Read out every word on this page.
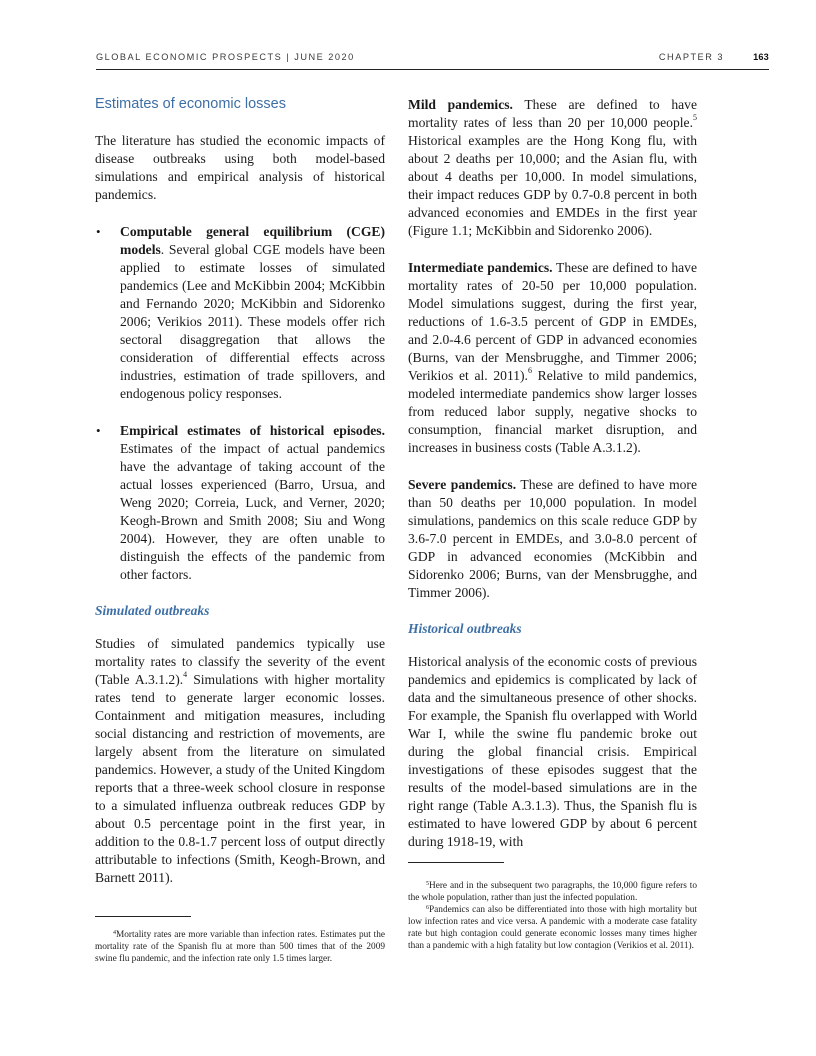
GLOBAL ECONOMIC PROSPECTS | JUNE 2020	CHAPTER 3	163
Estimates of economic losses

The literature has studied the economic impacts of disease outbreaks using both model-based simulations and empirical analysis of historical pandemics.

• Computable general equilibrium (CGE) models. Several global CGE models have been applied to estimate losses of simulated pandemics (Lee and McKibbin 2004; McKibbin and Fernando 2020; McKibbin and Sidorenko 2006; Verikios 2011). These models offer rich sectoral disaggregation that allows the consideration of differential effects across industries, estimation of trade spillovers, and endogenous policy responses.

• Empirical estimates of historical episodes. Estimates of the impact of actual pandemics have the advantage of taking account of the actual losses experienced (Barro, Ursua, and Weng 2020; Correia, Luck, and Verner, 2020; Keogh-Brown and Smith 2008; Siu and Wong 2004). However, they are often unable to distinguish the effects of the pandemic from other factors.

Simulated outbreaks

Studies of simulated pandemics typically use mortality rates to classify the severity of the event (Table A.3.1.2).$^4$ Simulations with higher mortality rates tend to generate larger economic losses. Containment and mitigation measures, including social distancing and restriction of movements, are largely absent from the literature on simulated pandemics. However, a study of the United Kingdom reports that a three-week school closure in response to a simulated influenza outbreak reduces GDP by about 0.5 percentage point in the first year, in addition to the 0.8-1.7 percent loss of output directly attributable to infections (Smith, Keogh-Brown, and Barnett 2011).

$^4$Mortality rates are more variable than infection rates. Estimates put the mortality rate of the Spanish flu at more than 500 times that of the 2009 swine flu pandemic, and the infection rate only 1.5 times larger.

Mild pandemics. These are defined to have mortality rates of less than 20 per 10,000 people.$^5$ Historical examples are the Hong Kong flu, with about 2 deaths per 10,000; and the Asian flu, with about 4 deaths per 10,000. In model simulations, their impact reduces GDP by 0.7-0.8 percent in both advanced economies and EMDEs in the first year (Figure 1.1; McKibbin and Sidorenko 2006).

Intermediate pandemics. These are defined to have mortality rates of 20-50 per 10,000 population. Model simulations suggest, during the first year, reductions of 1.6-3.5 percent of GDP in EMDEs, and 2.0-4.6 percent of GDP in advanced economies (Burns, van der Mensbrugghe, and Timmer 2006; Verikios et al. 2011).$^6$ Relative to mild pandemics, modeled intermediate pandemics show larger losses from reduced labor supply, negative shocks to consumption, financial market disruption, and increases in business costs (Table A.3.1.2).

Severe pandemics. These are defined to have more than 50 deaths per 10,000 population. In model simulations, pandemics on this scale reduce GDP by 3.6-7.0 percent in EMDEs, and 3.0-8.0 percent of GDP in advanced economies (McKibbin and Sidorenko 2006; Burns, van der Mensbrugghe, and Timmer 2006).

Historical outbreaks

Historical analysis of the economic costs of previous pandemics and epidemics is complicated by lack of data and the simultaneous presence of other shocks. For example, the Spanish flu overlapped with World War I, while the swine flu pandemic broke out during the global financial crisis. Empirical investigations of these episodes suggest that the results of the model-based simulations are in the right range (Table A.3.1.3). Thus, the Spanish flu is estimated to have lowered GDP by about 6 percent during 1918-19, with

$^5$Here and in the subsequent two paragraphs, the 10,000 figure refers to the whole population, rather than just the infected population.
$^6$Pandemics can also be differentiated into those with high mortality but low infection rates and vice versa. A pandemic with a moderate case fatality rate but high contagion could generate economic losses many times higher than a pandemic with a high fatality but low contagion (Verikios et al. 2011).
